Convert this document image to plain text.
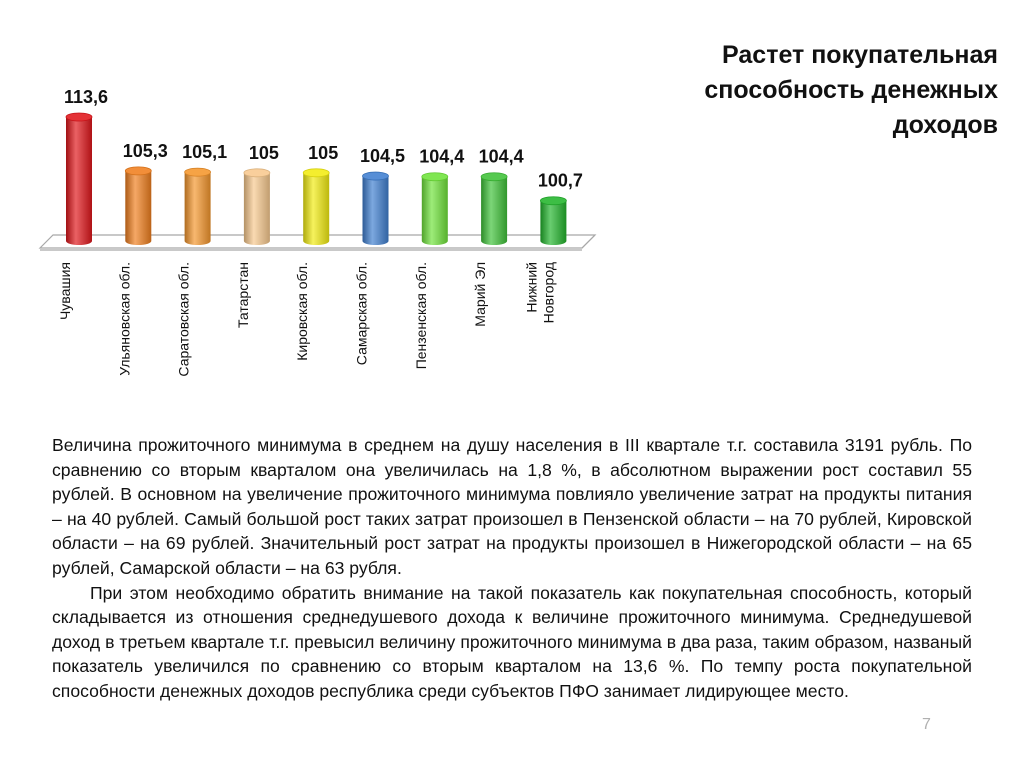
Растет покупательная
способность денежных
доходов
113,6
Чувашия
105,3
Ульяновская обл.
105,1
Саратовская обл.
105
Татарстан
105
Кировская обл.
104,5
Самарская обл.
104,4
Пензенская обл.
104,4
Марий Эл
100,7
НижнийНовгород

Величина прожиточного минимума в среднем на душу населения в III квартале т.г. составила 3191 рубль. По сравнению со вторым кварталом она увеличилась на 1,8 %, в абсолютном выражении рост составил 55 рублей. В основном на увеличение прожиточного минимума повлияло увеличение затрат на продукты питания – на 40 рублей. Самый большой рост таких затрат произошел в Пензенской области – на 70 рублей, Кировской области – на 69 рублей. Значительный рост затрат на продукты произошел в Нижегородской области – на 65 рублей, Самарской области – на 63 рубля.

При этом необходимо обратить внимание на такой показатель как покупательная способность, который складывается из отношения среднедушевого дохода к величине прожиточного минимума. Среднедушевой доход в третьем квартале т.г. превысил величину прожиточного минимума в два раза, таким образом, названый показатель увеличился по сравнению со вторым кварталом на 13,6 %. По темпу роста покупательной способности денежных доходов республика среди субъектов ПФО занимает лидирующее место.

7
